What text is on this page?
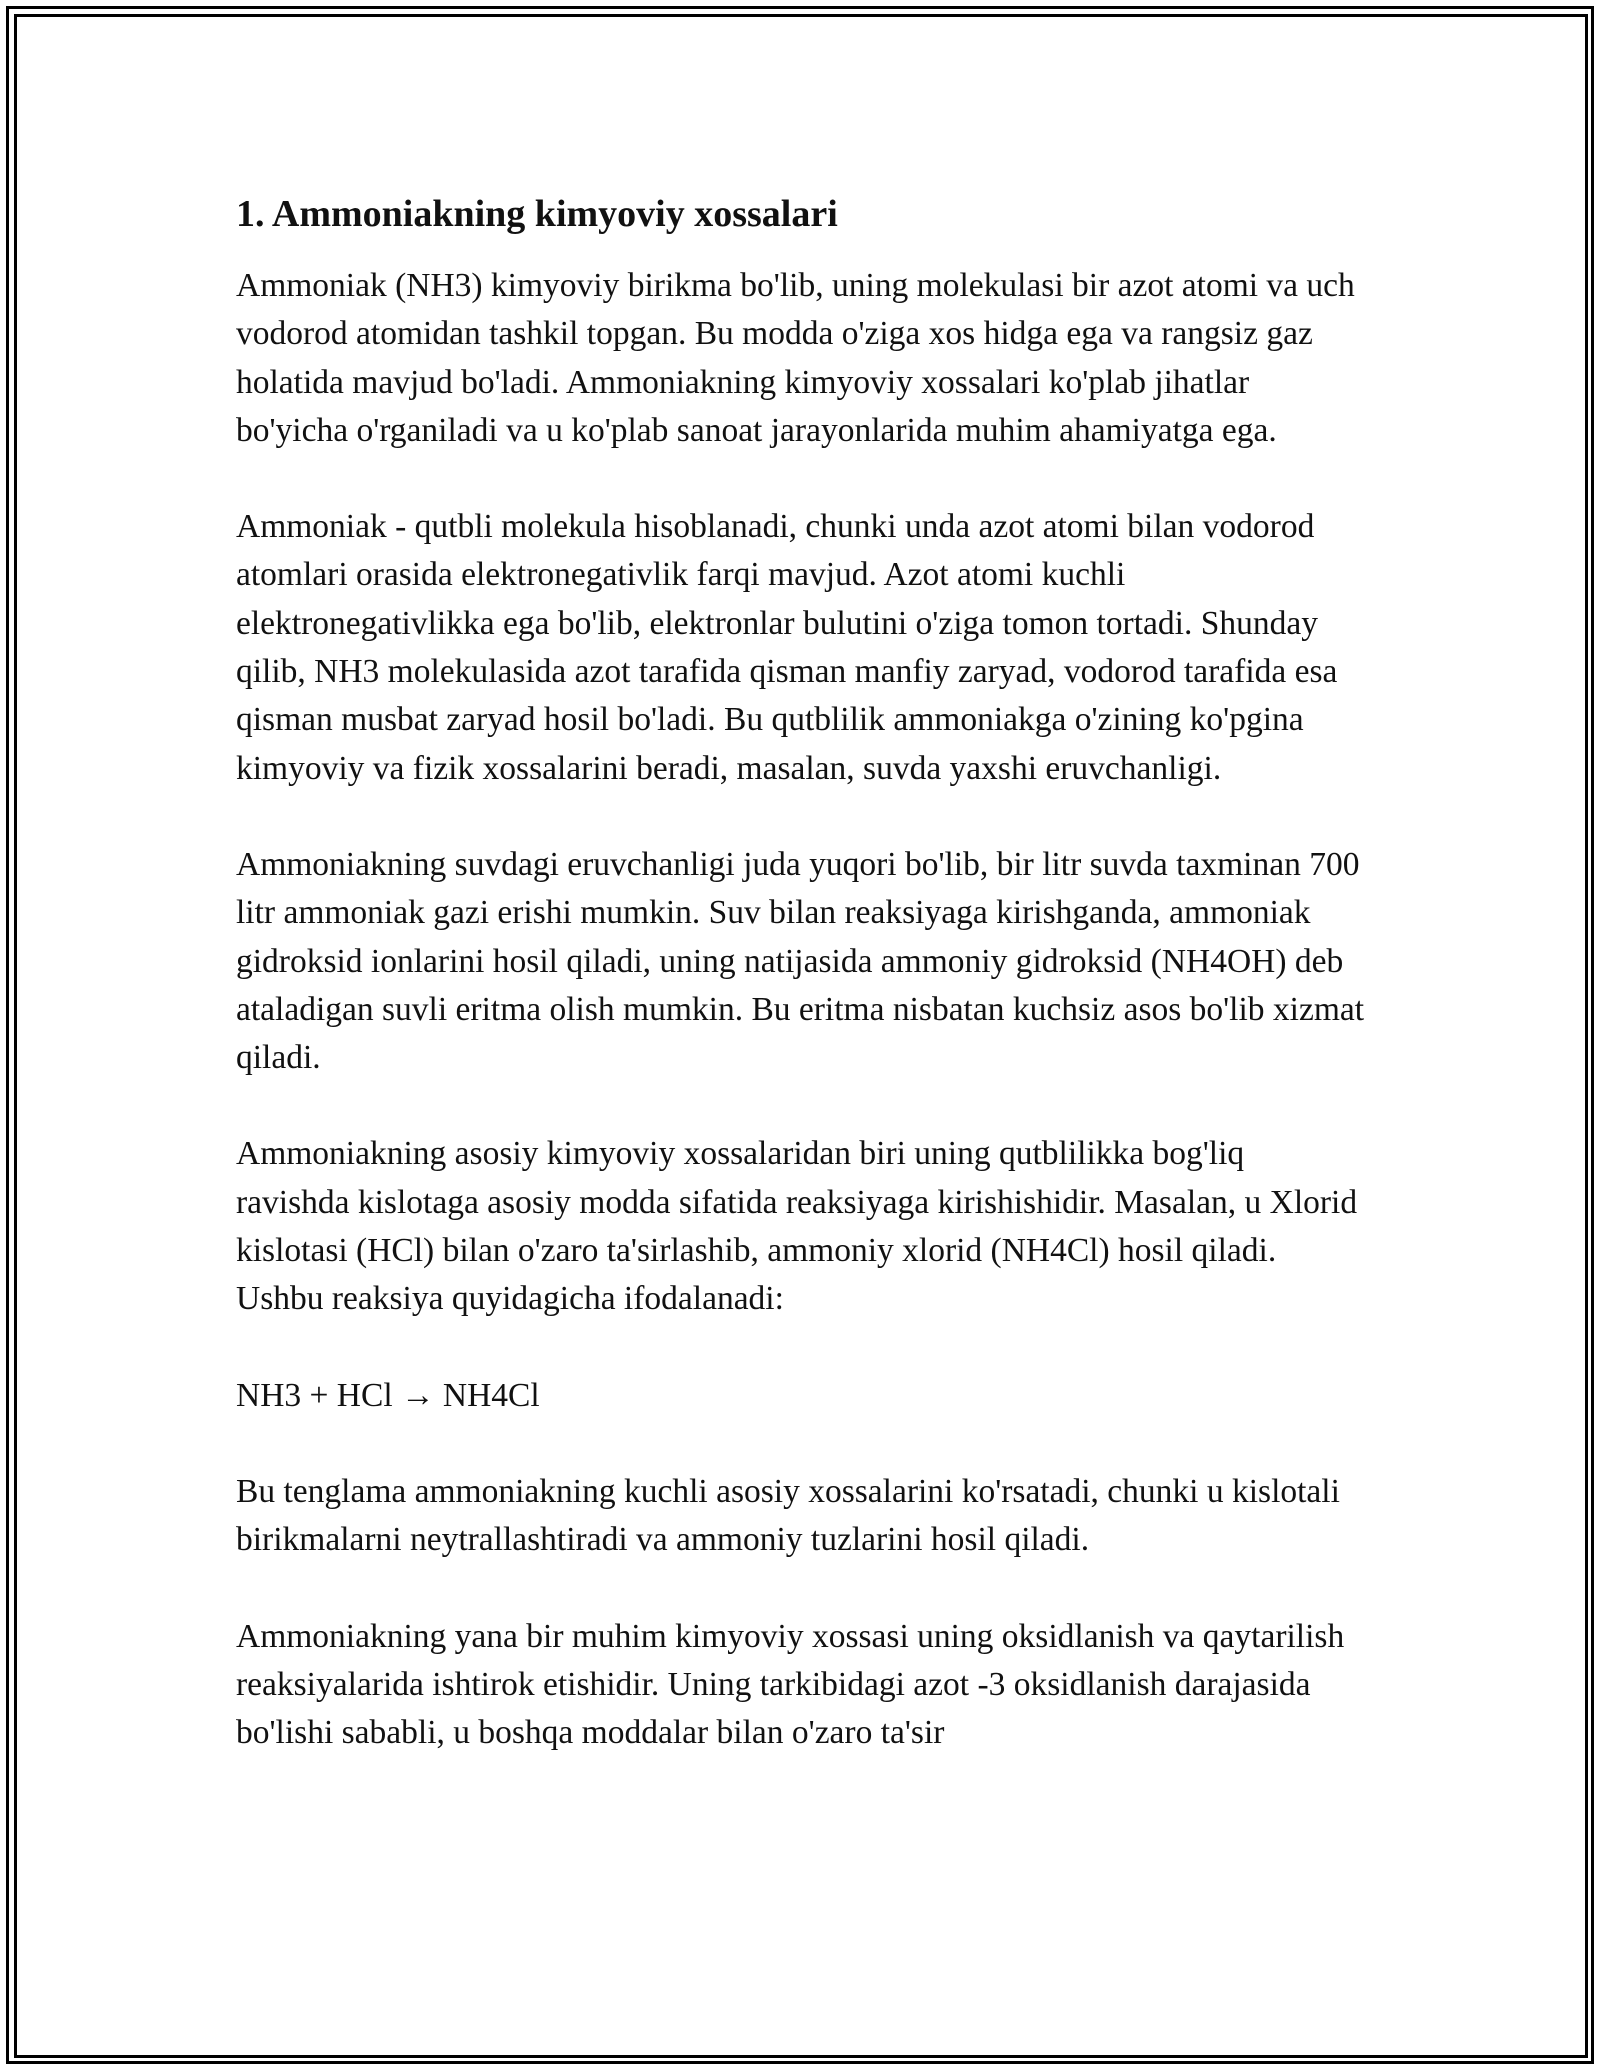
1. Ammoniakning kimyoviy xossalari

Ammoniak (NH3) kimyoviy birikma bo'lib, uning molekulasi bir azot atomi va uch vodorod atomidan tashkil topgan. Bu modda o'ziga xos hidga ega va rangsiz gaz holatida mavjud bo'ladi. Ammoniakning kimyoviy xossalari ko'plab jihatlar bo'yicha o'rganiladi va u ko'plab sanoat jarayonlarida muhim ahamiyatga ega.

Ammoniak - qutbli molekula hisoblanadi, chunki unda azot atomi bilan vodorod atomlari orasida elektronegativlik farqi mavjud. Azot atomi kuchli elektronegativlikka ega bo'lib, elektronlar bulutini o'ziga tomon tortadi. Shunday qilib, NH3 molekulasida azot tarafida qisman manfiy zaryad, vodorod tarafida esa qisman musbat zaryad hosil bo'ladi. Bu qutblilik ammoniakga o'zining ko'pgina kimyoviy va fizik xossalarini beradi, masalan, suvda yaxshi eruvchanligi.

Ammoniakning suvdagi eruvchanligi juda yuqori bo'lib, bir litr suvda taxminan 700 litr ammoniak gazi erishi mumkin. Suv bilan reaksiyaga kirishganda, ammoniak gidroksid ionlarini hosil qiladi, uning natijasida ammoniy gidroksid (NH4OH) deb ataladigan suvli eritma olish mumkin. Bu eritma nisbatan kuchsiz asos bo'lib xizmat qiladi.

Ammoniakning asosiy kimyoviy xossalaridan biri uning qutblilikka bog'liq ravishda kislotaga asosiy modda sifatida reaksiyaga kirishishidir. Masalan, u Xlorid kislotasi (HCl) bilan o'zaro ta'sirlashib, ammoniy xlorid (NH4Cl) hosil qiladi. Ushbu reaksiya quyidagicha ifodalanadi:

NH3 + HCl → NH4Cl

Bu tenglama ammoniakning kuchli asosiy xossalarini ko'rsatadi, chunki u kislotali birikmalarni neytrallashtiradi va ammoniy tuzlarini hosil qiladi.

Ammoniakning yana bir muhim kimyoviy xossasi uning oksidlanish va qaytarilish reaksiyalarida ishtirok etishidir. Uning tarkibidagi azot -3 oksidlanish darajasida bo'lishi sababli, u boshqa moddalar bilan o'zaro ta'sir
